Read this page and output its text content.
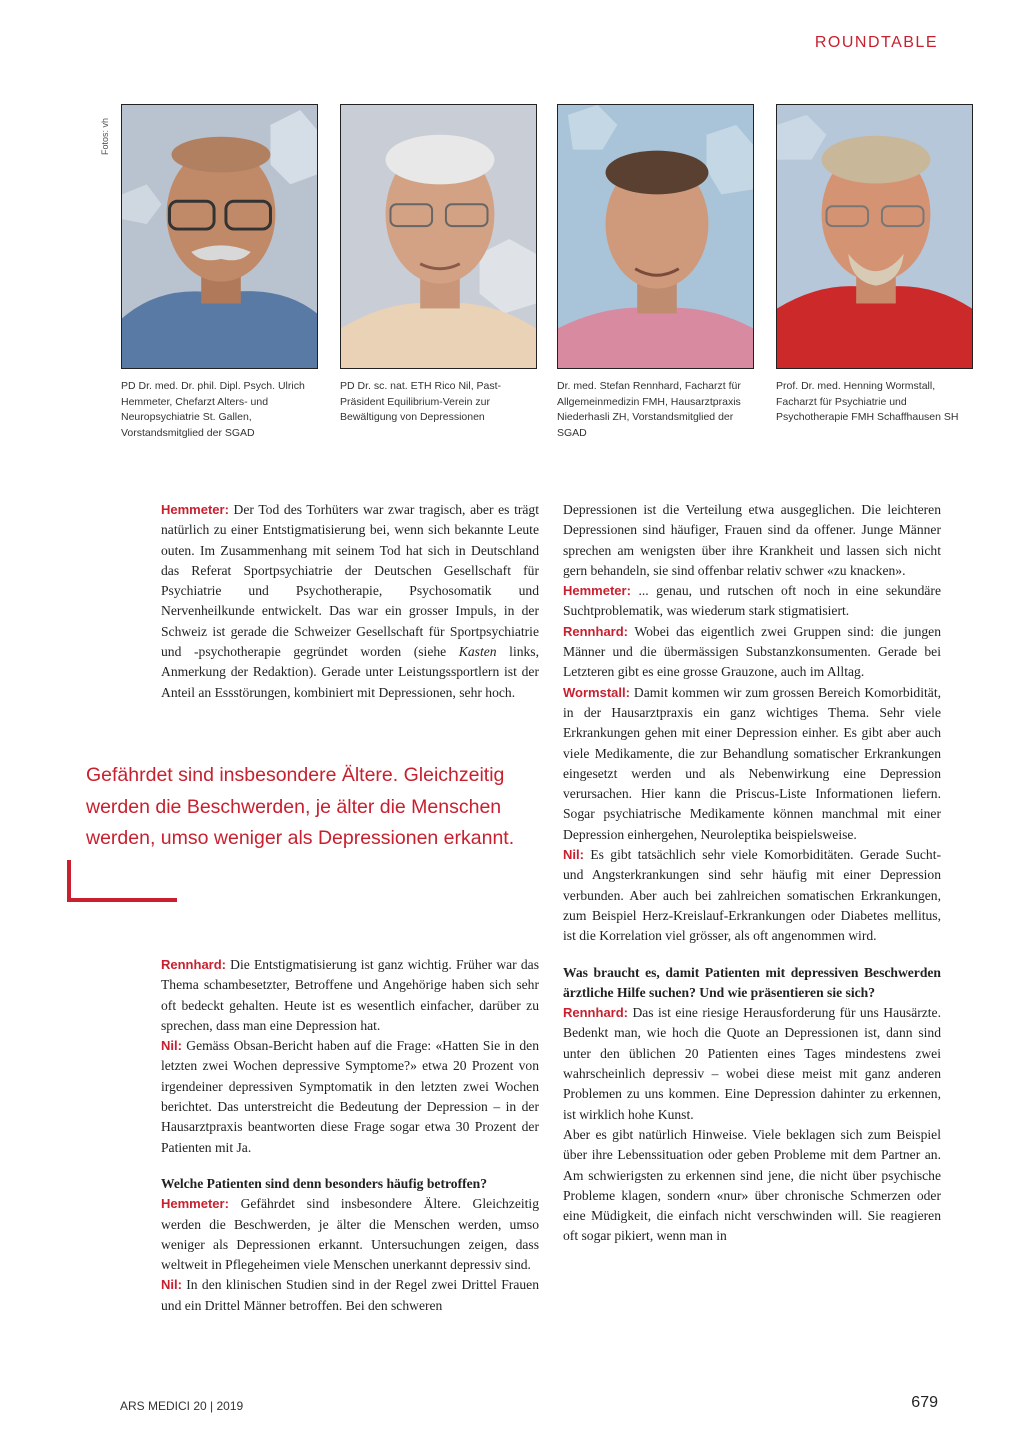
ROUNDTABLE
Fotos: vh
PD Dr. med. Dr. phil. Dipl. Psych. Ulrich Hemmeter, Chefarzt Alters- und Neuropsychiatrie St. Gallen, Vorstandsmitglied der SGAD
PD Dr. sc. nat. ETH Rico Nil, Past-Präsident Equilibrium-Verein zur Bewältigung von Depressionen
Dr. med. Stefan Rennhard, Facharzt für Allgemeinmedizin FMH, Hausarztpraxis Niederhasli ZH, Vorstandsmitglied der SGAD
Prof. Dr. med. Henning Wormstall, Facharzt für Psychiatrie und Psychotherapie FMH Schaffhausen SH

Hemmeter: Der Tod des Torhüters war zwar tragisch, aber es trägt natürlich zu einer Entstigmatisierung bei, wenn sich bekannte Leute outen. Im Zusammenhang mit seinem Tod hat sich in Deutschland das Referat Sportpsychiatrie der Deutschen Gesellschaft für Psychiatrie und Psychotherapie, Psychosomatik und Nervenheilkunde entwickelt. Das war ein grosser Impuls, in der Schweiz ist gerade die Schweizer Gesellschaft für Sportpsychiatrie und -psychotherapie gegründet worden (siehe Kasten links, Anmerkung der Redaktion). Gerade unter Leistungssportlern ist der Anteil an Essstörungen, kombiniert mit Depressionen, sehr hoch.

Gefährdet sind insbesondere Ältere. Gleichzeitig werden die Beschwerden, je älter die Menschen werden, umso weniger als Depressionen erkannt.

Rennhard: Die Entstigmatisierung ist ganz wichtig. Früher war das Thema schambesetzter, Betroffene und Angehörige haben sich sehr oft bedeckt gehalten. Heute ist es wesentlich einfacher, darüber zu sprechen, dass man eine Depression hat.

Nil: Gemäss Obsan-Bericht haben auf die Frage: «Hatten Sie in den letzten zwei Wochen depressive Symptome?» etwa 20 Prozent von irgendeiner depressiven Symptomatik in den letzten zwei Wochen berichtet. Das unterstreicht die Bedeutung der Depression – in der Hausarztpraxis beantworten diese Frage sogar etwa 30 Prozent der Patienten mit Ja.

Welche Patienten sind denn besonders häufig betroffen?

Hemmeter: Gefährdet sind insbesondere Ältere. Gleichzeitig werden die Beschwerden, je älter die Menschen werden, umso weniger als Depressionen erkannt. Untersuchungen zeigen, dass weltweit in Pflegeheimen viele Menschen unerkannt depressiv sind.

Nil: In den klinischen Studien sind in der Regel zwei Drittel Frauen und ein Drittel Männer betroffen. Bei den schweren

Depressionen ist die Verteilung etwa ausgeglichen. Die leichteren Depressionen sind häufiger, Frauen sind da offener. Junge Männer sprechen am wenigsten über ihre Krankheit und lassen sich nicht gern behandeln, sie sind offenbar relativ schwer «zu knacken».

Hemmeter: ... genau, und rutschen oft noch in eine sekundäre Suchtproblematik, was wiederum stark stigmatisiert.

Rennhard: Wobei das eigentlich zwei Gruppen sind: die jungen Männer und die übermässigen Substanzkonsumenten. Gerade bei Letzteren gibt es eine grosse Grauzone, auch im Alltag.

Wormstall: Damit kommen wir zum grossen Bereich Komorbidität, in der Hausarztpraxis ein ganz wichtiges Thema. Sehr viele Erkrankungen gehen mit einer Depression einher. Es gibt aber auch viele Medikamente, die zur Behandlung somatischer Erkrankungen eingesetzt werden und als Nebenwirkung eine Depression verursachen. Hier kann die Priscus-Liste Informationen liefern. Sogar psychiatrische Medikamente können manchmal mit einer Depression einhergehen, Neuroleptika beispielsweise.

Nil: Es gibt tatsächlich sehr viele Komorbiditäten. Gerade Sucht- und Angsterkrankungen sind sehr häufig mit einer Depression verbunden. Aber auch bei zahlreichen somatischen Erkrankungen, zum Beispiel Herz-Kreislauf-Erkrankungen oder Diabetes mellitus, ist die Korrelation viel grösser, als oft angenommen wird.

Was braucht es, damit Patienten mit depressiven Beschwerden ärztliche Hilfe suchen? Und wie präsentieren sie sich?

Rennhard: Das ist eine riesige Herausforderung für uns Hausärzte. Bedenkt man, wie hoch die Quote an Depressionen ist, dann sind unter den üblichen 20 Patienten eines Tages mindestens zwei wahrscheinlich depressiv – wobei diese meist mit ganz anderen Problemen zu uns kommen. Eine Depression dahinter zu erkennen, ist wirklich hohe Kunst.

Aber es gibt natürlich Hinweise. Viele beklagen sich zum Beispiel über ihre Lebenssituation oder geben Probleme mit dem Partner an. Am schwierigsten zu erkennen sind jene, die nicht über psychische Probleme klagen, sondern «nur» über chronische Schmerzen oder eine Müdigkeit, die einfach nicht verschwinden will. Sie reagieren oft sogar pikiert, wenn man in

ARS MEDICI 20 | 2019	679
